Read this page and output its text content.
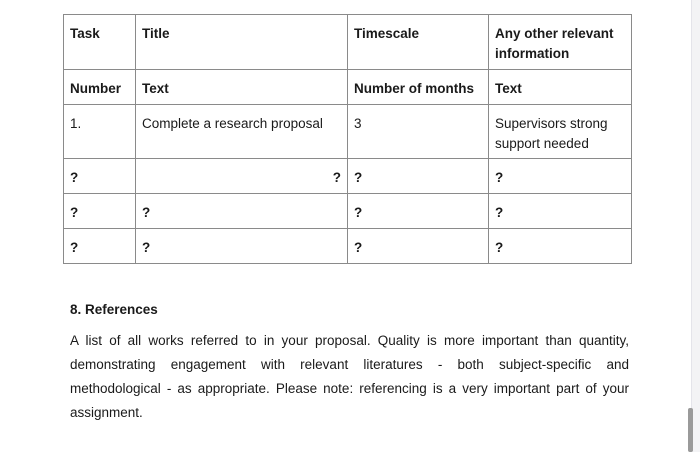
Task	Title	Timescale	Any other relevant information
Number	Text	Number of months	Text
1.	Complete a research proposal	3	Supervisors strong support needed
?	?	?	?
?	?	?	?
?	?	?	?
8. References
A list of all works referred to in your proposal. Quality is more important than quantity, demonstrating engagement with relevant literatures - both subject-specific and methodological - as appropriate. Please note: referencing is a very important part of your assignment.
